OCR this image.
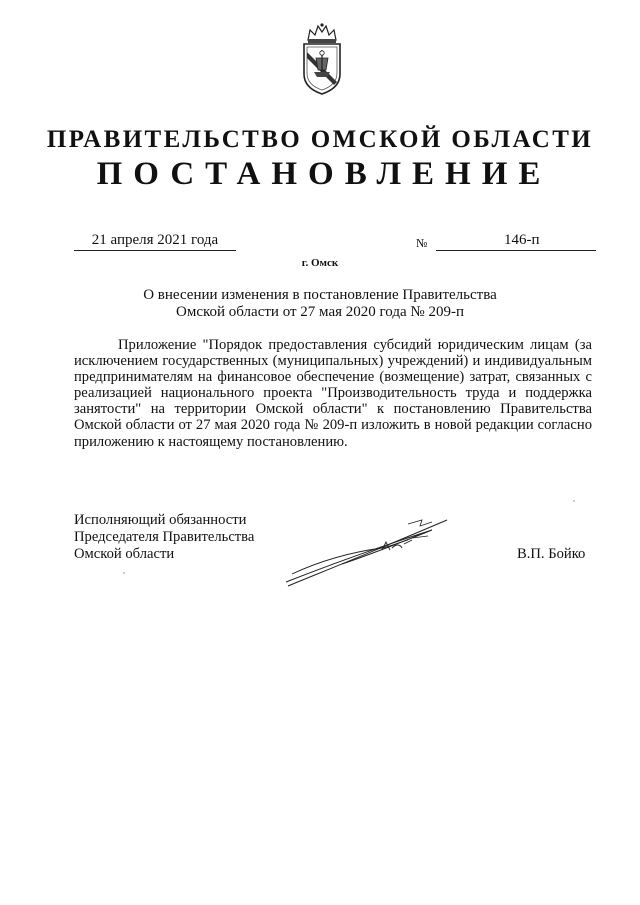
ПРАВИТЕЛЬСТВО ОМСКОЙ ОБЛАСТИ
ПОСТАНОВЛЕНИЕ
21 апреля 2021 года	№	146-п
г. Омск
О внесении изменения в постановление Правительства
Омской области от 27 мая 2020 года № 209-п

Приложение "Порядок предоставления субсидий юридическим лицам (за исключением государственных (муниципальных) учреждений) и индивидуальным предпринимателям на финансовое обеспечение (возмещение) затрат, связанных с реализацией национального проекта "Производительность труда и поддержка занятости" на территории Омской области" к постановлению Правительства Омской области от 27 мая 2020 года № 209-п изложить в новой редакции согласно приложению к настоящему постановлению.

Исполняющий обязанности
Председателя Правительства
Омской области	В.П. Бойко
